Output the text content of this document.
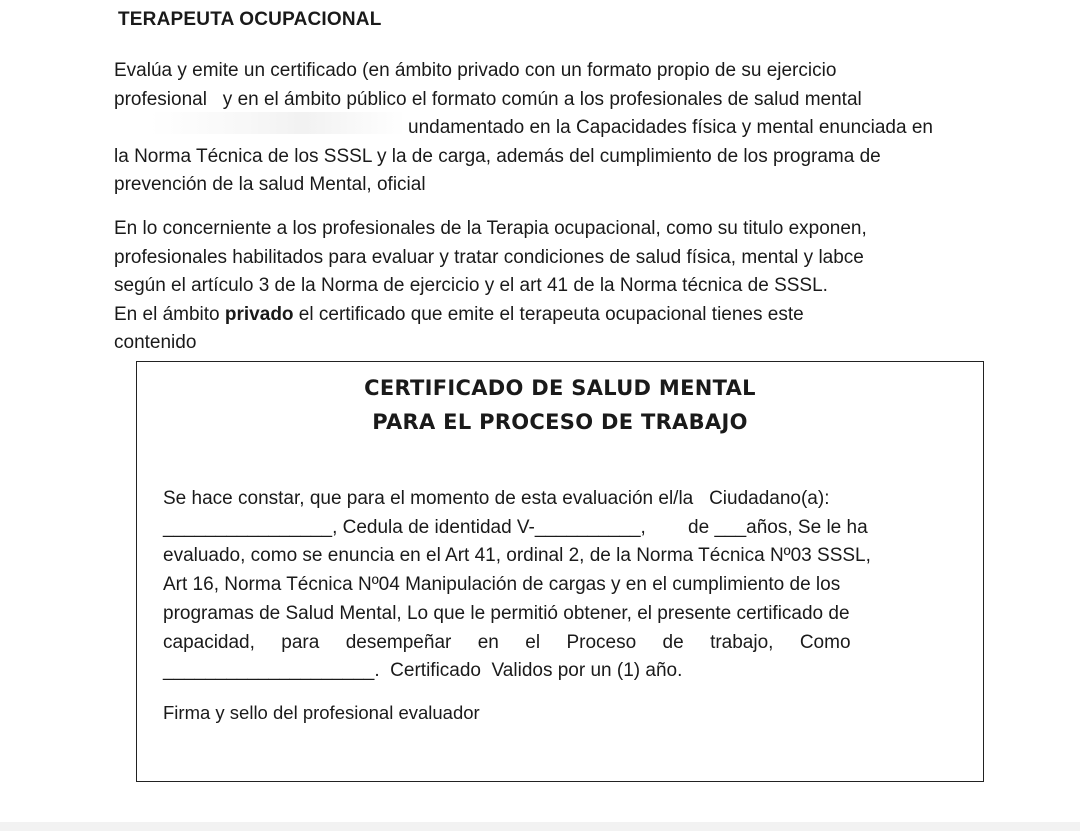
TERAPEUTA OCUPACIONAL
Evalúa y emite un certificado (en ámbito privado con un formato propio de su ejercicio
profesional   y en el ámbito público el formato común a los profesionales de salud mental
undamentado en la Capacidades física y mental enunciada en
la Norma Técnica de los SSSL y la de carga, además del cumplimiento de los programa de
prevención de la salud Mental, oficial
En lo concerniente a los profesionales de la Terapia ocupacional, como su titulo exponen,
profesionales habilitados para evaluar y tratar condiciones de salud física, mental y labce
según el artículo 3 de la Norma de ejercicio y el art 41 de la Norma técnica de SSSL.
En el ámbito privado el certificado que emite el terapeuta ocupacional tienes este
contenido
CERTIFICADO DE SALUD MENTAL
PARA EL PROCESO DE TRABAJO
Se hace constar, que para el momento de esta evaluación el/la   Ciudadano(a):
________________, Cedula de identidad V-__________,        de ___años, Se le ha
evaluado, como se enuncia en el Art 41, ordinal 2, de la Norma Técnica Nº03 SSSL,
Art 16, Norma Técnica Nº04 Manipulación de cargas y en el cumplimiento de los
programas de Salud Mental, Lo que le permitió obtener, el presente certificado de
capacidad,     para     desempeñar     en     el     Proceso     de     trabajo,     Como
____________________.  Certificado  Validos por un (1) año.
Firma y sello del profesional evaluador
